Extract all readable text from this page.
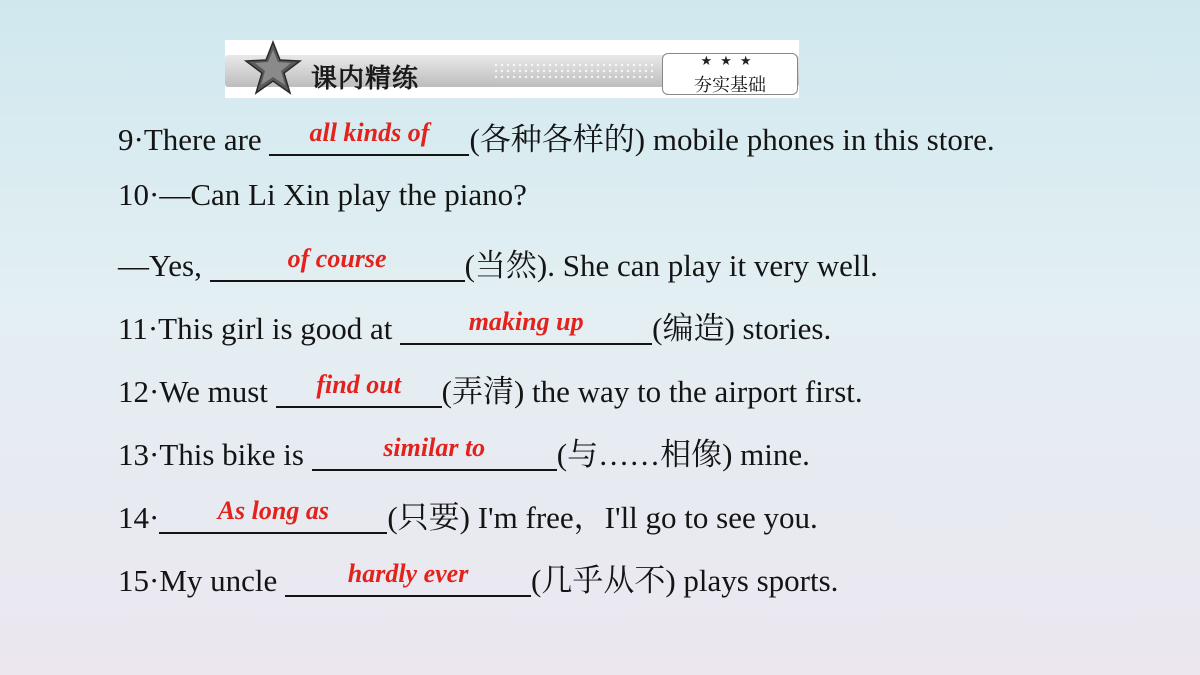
课内精练
★★★
夯实基础
9·There are	all kinds of	(各种各样的) mobile phones in this store.
10·—Can Li Xin play the piano?
—Yes,	of course	(当然). She can play it very well.
11·This girl is good at	making up	(编造) stories.
12·We must	find out	(弄清) the way to the airport first.
13·This bike is	similar to	(与……相像) mine.
14·	As long as	(只要) I'm free，I'll go to see you.
15·My uncle	hardly ever	(几乎从不) plays sports.
